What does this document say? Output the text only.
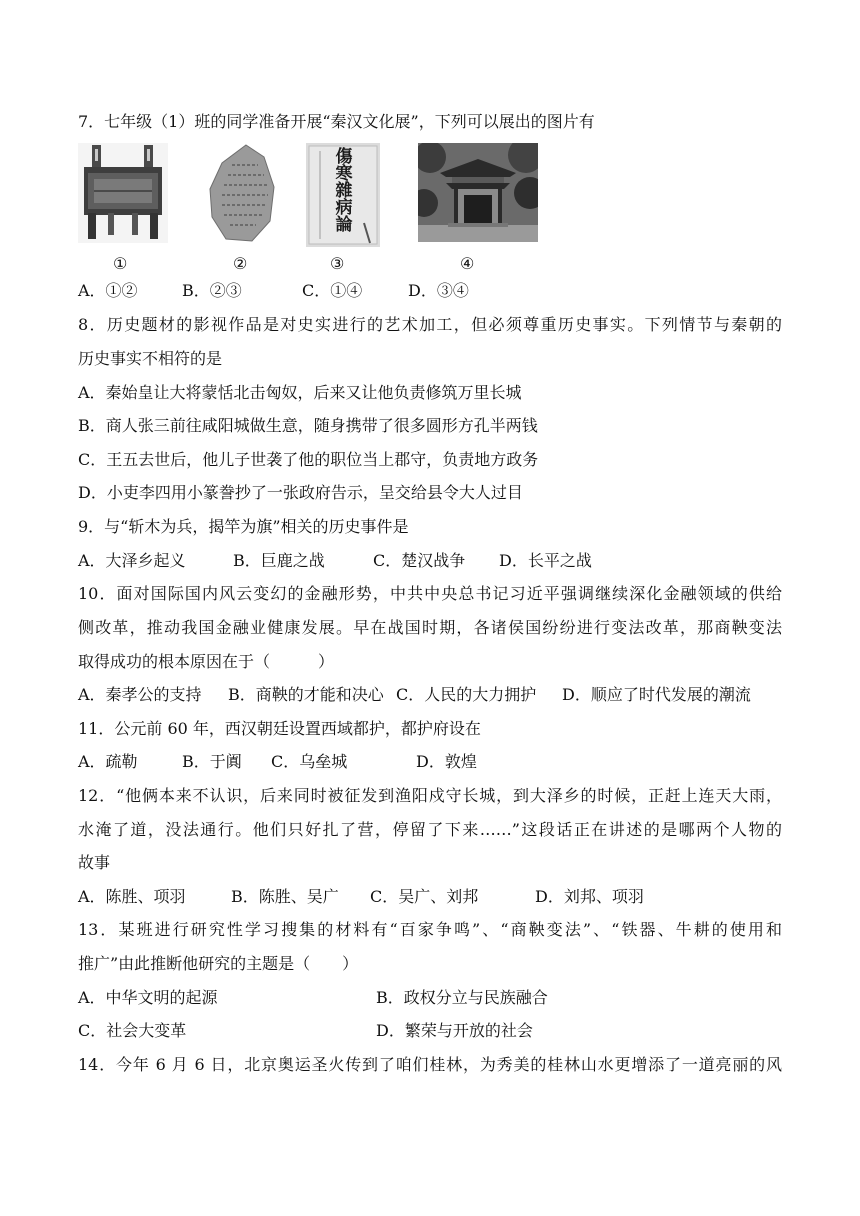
7．七年级（1）班的同学准备开展“秦汉文化展”，下列可以展出的图片有
傷
寒
雜
病
論
①	②	③	④
A．①②	B．②③	C．①④	D．③④
8．历史题材的影视作品是对史实进行的艺术加工，但必须尊重历史事实。下列情节与秦朝的
历史事实不相符的是
A．秦始皇让大将蒙恬北击匈奴，后来又让他负责修筑万里长城
B．商人张三前往咸阳城做生意，随身携带了很多圆形方孔半两钱
C．王五去世后，他儿子世袭了他的职位当上郡守，负责地方政务
D．小吏李四用小篆誊抄了一张政府告示，呈交给县令大人过目
9．与“斩木为兵，揭竿为旗”相关的历史事件是
A．大泽乡起义	B．巨鹿之战	C．楚汉战争 D．长平之战
10．面对国际国内风云变幻的金融形势，中共中央总书记习近平强调继续深化金融领域的供给
侧改革，推动我国金融业健康发展。早在战国时期，各诸侯国纷纷进行变法改革，那商鞅变法
取得成功的根本原因在于（　　　）
A．秦孝公的支持 B．商鞅的才能和决心 C．人民的大力拥护 D．顺应了时代发展的潮流
11．公元前 60 年，西汉朝廷设置西域都护，都护府设在
A．疏勒	B．于阗 C．乌垒城	D．敦煌
12．“他俩本来不认识，后来同时被征发到渔阳戍守长城，到大泽乡的时候，正赶上连天大雨，
水淹了道，没法通行。他们只好扎了营，停留了下来……”这段话正在讲述的是哪两个人物的
故事
A．陈胜、项羽	B．陈胜、吴广 C．吴广、刘邦	D．刘邦、项羽
13．某班进行研究性学习搜集的材料有“百家争鸣”、“商鞅变法”、“铁器、牛耕的使用和
推广”由此推断他研究的主题是（　　）
A．中华文明的起源	B．政权分立与民族融合
C．社会大变革	D．繁荣与开放的社会
14．今年 6 月 6 日，北京奥运圣火传到了咱们桂林，为秀美的桂林山水更增添了一道亮丽的风
